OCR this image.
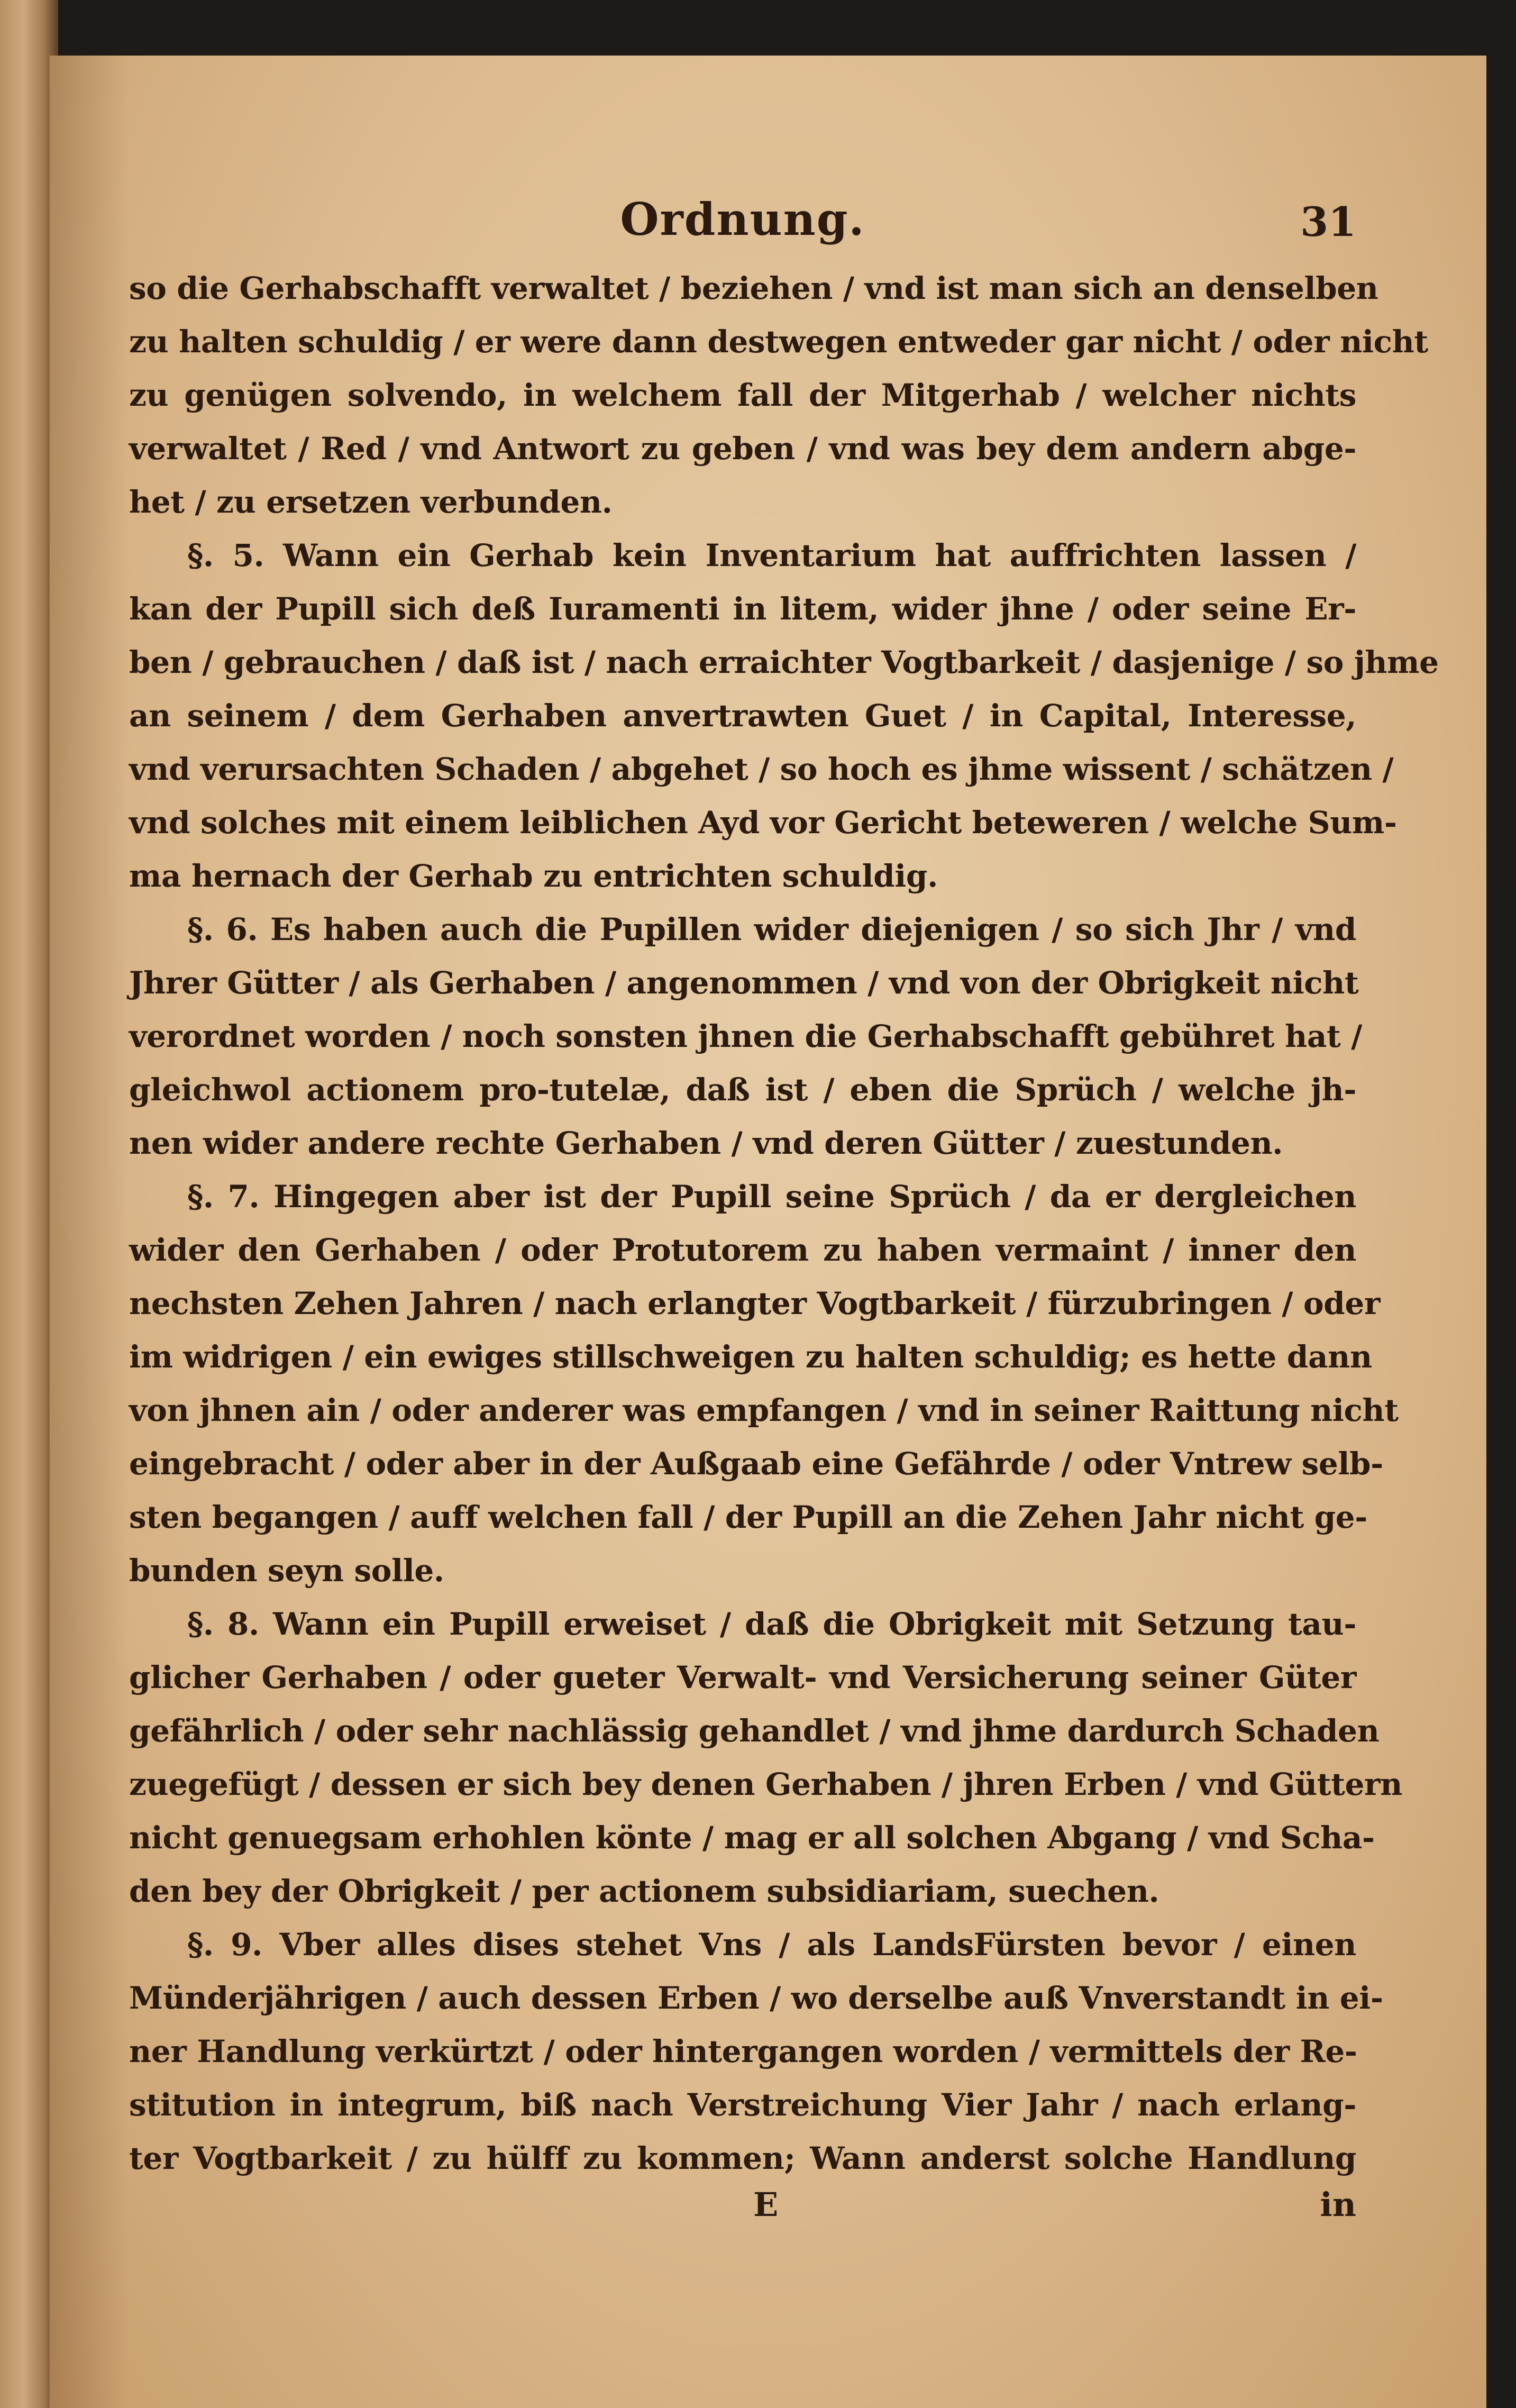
Ordnung.	31
so die Gerhabschafft verwaltet / beziehen / vnd ist man sich an denselben
zu halten schuldig / er were dann destwegen entweder gar nicht / oder nicht
zu genügen solvendo, in welchem fall der Mitgerhab / welcher nichts
verwaltet / Red / vnd Antwort zu geben / vnd was bey dem andern abge-
het / zu ersetzen verbunden.
§. 5. Wann ein Gerhab kein Inventarium hat auffrichten lassen /
kan der Pupill sich deß Iuramenti in litem, wider jhne / oder seine Er-
ben / gebrauchen / daß ist / nach erraichter Vogtbarkeit / dasjenige / so jhme
an seinem / dem Gerhaben anvertrawten Guet / in Capital, Interesse,
vnd verursachten Schaden / abgehet / so hoch es jhme wissent / schätzen /
vnd solches mit einem leiblichen Ayd vor Gericht beteweren / welche Sum-
ma hernach der Gerhab zu entrichten schuldig.
§. 6. Es haben auch die Pupillen wider diejenigen / so sich Jhr / vnd
Jhrer Gütter / als Gerhaben / angenommen / vnd von der Obrigkeit nicht
verordnet worden / noch sonsten jhnen die Gerhabschafft gebühret hat /
gleichwol actionem pro-tutelæ, daß ist / eben die Sprüch / welche jh-
nen wider andere rechte Gerhaben / vnd deren Gütter / zuestunden.
§. 7. Hingegen aber ist der Pupill seine Sprüch / da er dergleichen
wider den Gerhaben / oder Protutorem zu haben vermaint / inner den
nechsten Zehen Jahren / nach erlangter Vogtbarkeit / fürzubringen / oder
im widrigen / ein ewiges stillschweigen zu halten schuldig; es hette dann
von jhnen ain / oder anderer was empfangen / vnd in seiner Raittung nicht
eingebracht / oder aber in der Außgaab eine Gefährde / oder Vntrew selb-
sten begangen / auff welchen fall / der Pupill an die Zehen Jahr nicht ge-
bunden seyn solle.
§. 8. Wann ein Pupill erweiset / daß die Obrigkeit mit Setzung tau-
glicher Gerhaben / oder gueter Verwalt- vnd Versicherung seiner Güter
gefährlich / oder sehr nachlässig gehandlet / vnd jhme dardurch Schaden
zuegefügt / dessen er sich bey denen Gerhaben / jhren Erben / vnd Güttern
nicht genuegsam erhohlen könte / mag er all solchen Abgang / vnd Scha-
den bey der Obrigkeit / per actionem subsidiariam, suechen.
§. 9. Vber alles dises stehet Vns / als LandsFürsten bevor / einen
Münderjährigen / auch dessen Erben / wo derselbe auß Vnverstandt in ei-
ner Handlung verkürtzt / oder hintergangen worden / vermittels der Re-
stitution in integrum, biß nach Verstreichung Vier Jahr / nach erlang-
ter Vogtbarkeit / zu hülff zu kommen; Wann anderst solche Handlung
E	in
